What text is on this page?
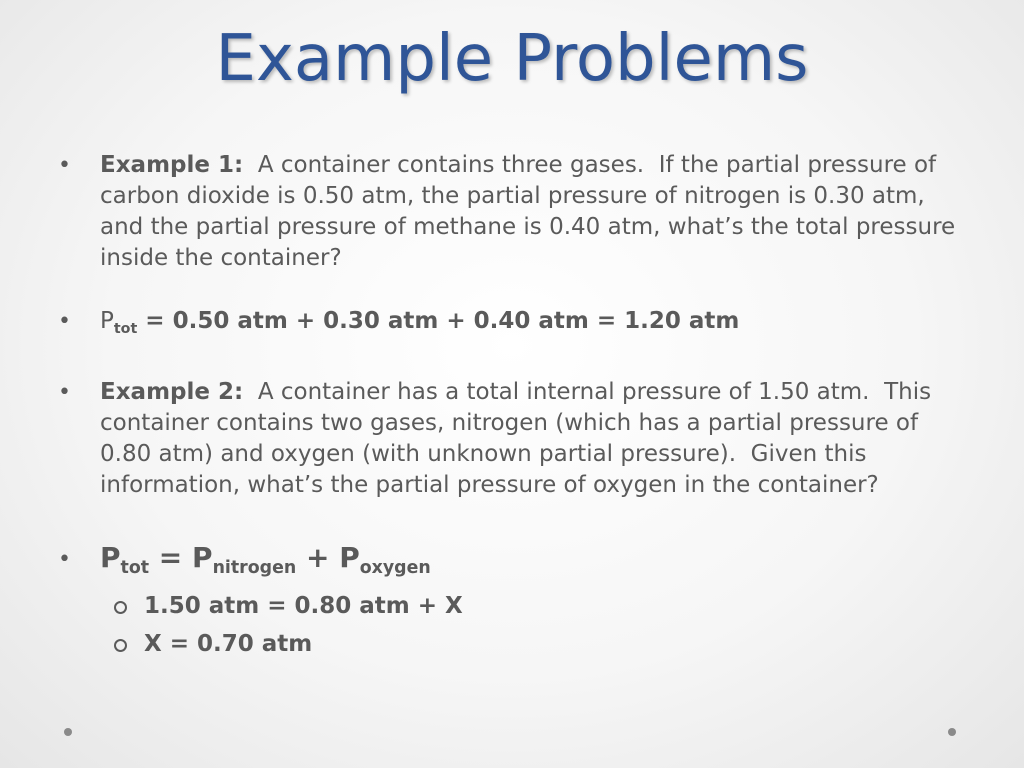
Example Problems
• Example 1:  A container contains three gases.  If the partial pressure of carbon dioxide is 0.50 atm, the partial pressure of nitrogen is 0.30 atm, and the partial pressure of methane is 0.40 atm, what’s the total pressure inside the container?
• $P_{tot} = 0.50$ atm + 0.30 atm + 0.40 atm = 1.20 atm
• Example 2:  A container has a total internal pressure of 1.50 atm.  This container contains two gases, nitrogen (which has a partial pressure of 0.80 atm) and oxygen (with unknown partial pressure).  Given this information, what’s the partial pressure of oxygen in the container?
• $P_{tot} = P_{nitrogen} + P_{oxygen}$
1.50 atm = 0.80 atm + X
X = 0.70 atm
